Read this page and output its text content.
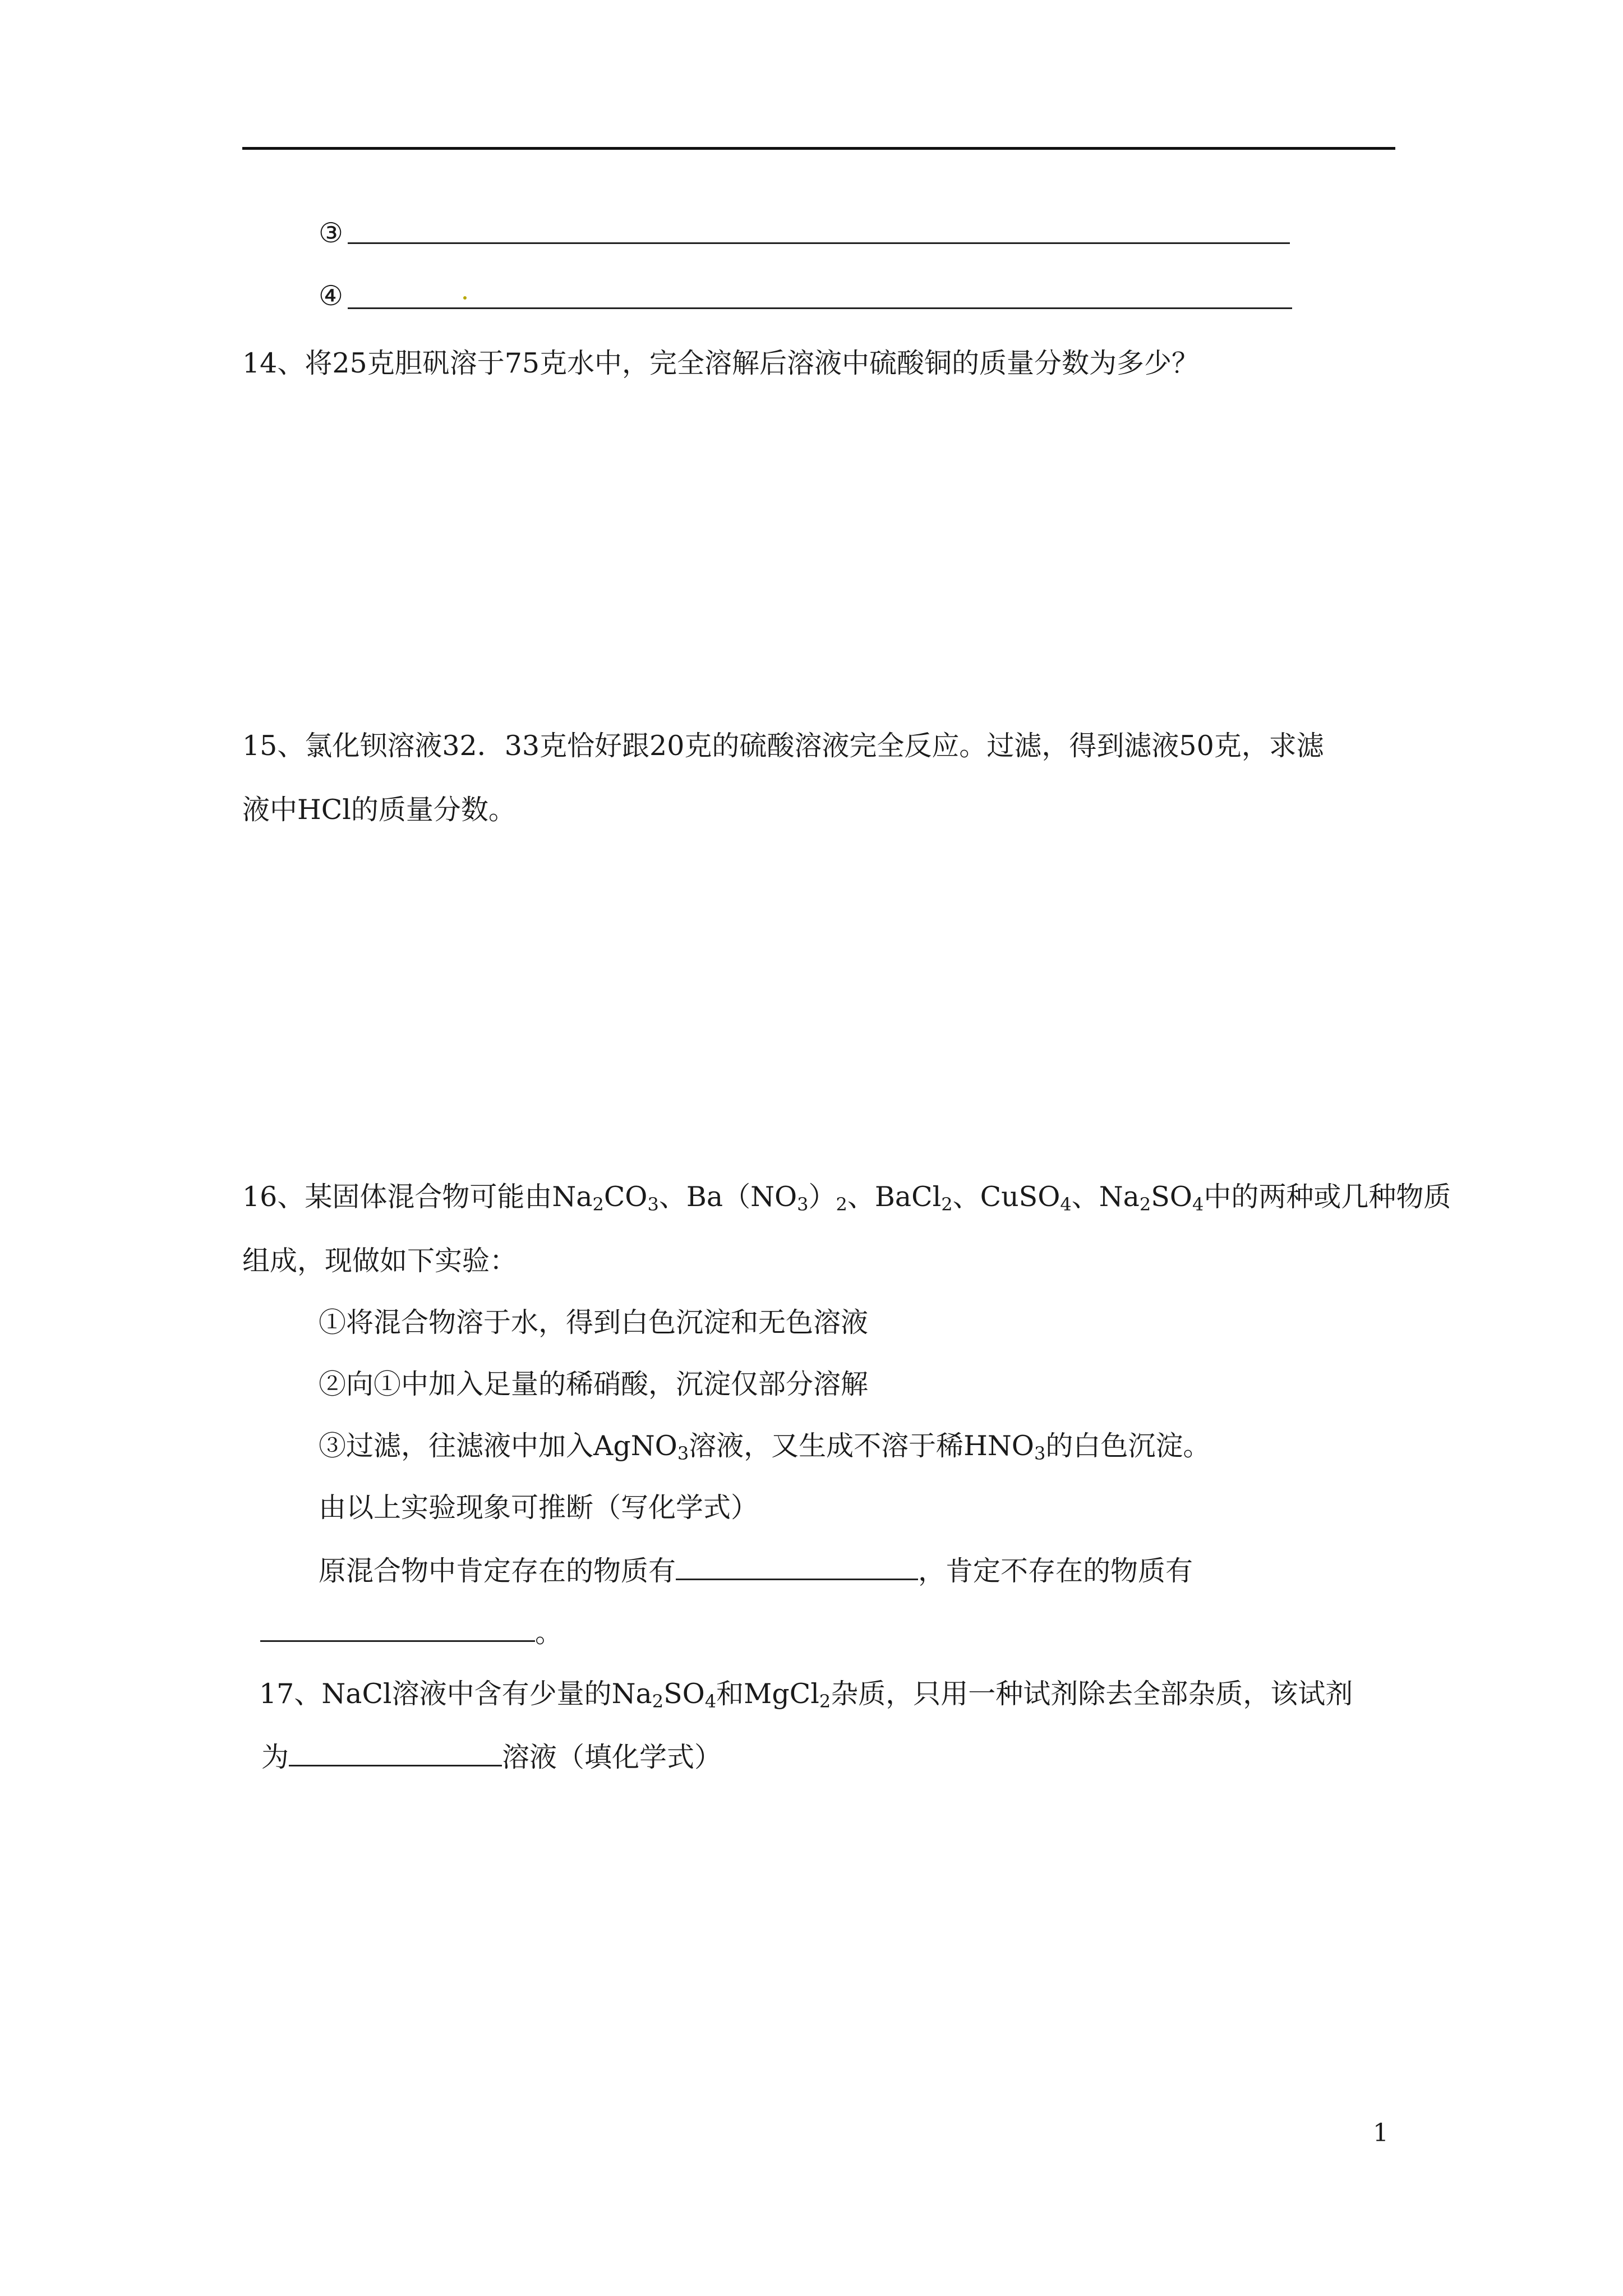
③
④
14、将25克胆矾溶于75克水中，完全溶解后溶液中硫酸铜的质量分数为多少？
15、氯化钡溶液32．33克恰好跟20克的硫酸溶液完全反应。过滤，得到滤液50克，求滤
液中HCl的质量分数。
16、某固体混合物可能由$Na_2CO_3$、$Ba(NO_3)_2$、BaCl$_2$、CuSO$_4$、$Na_2SO_4$中的两种或几种物质
组成，现做如下实验：
①将混合物溶于水，得到白色沉淀和无色溶液
②向①中加入足量的稀硝酸，沉淀仅部分溶解
③过滤，往滤液中加入AgNO$_3$溶液，又生成不溶于稀$HNO_3$的白色沉淀。
由以上实验现象可推断（写化学式）
原混合物中肯定存在的物质有	，肯定不存在的物质有
。
17、NaCl溶液中含有少量的$Na_2SO_4$和MgCl$_2$杂质，只用一种试剂除去全部杂质，该试剂
为	溶液（填化学式）
1
